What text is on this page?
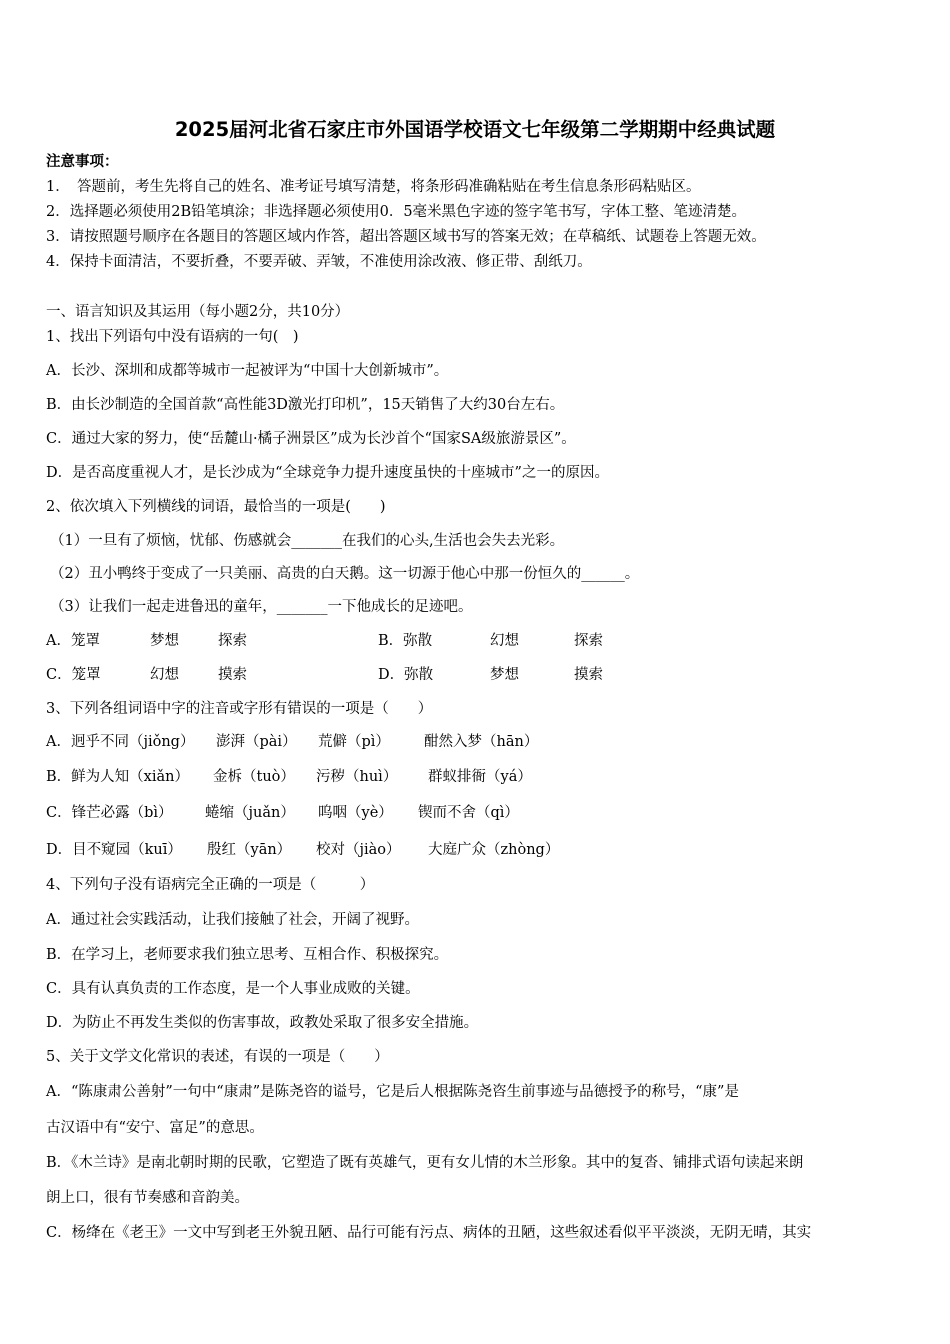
2025届河北省石家庄市外国语学校语文七年级第二学期期中经典试题
注意事项：
1．　答题前，考生先将自己的姓名、准考证号填写清楚，将条形码准确粘贴在考生信息条形码粘贴区。
2．选择题必须使用2B铅笔填涂；非选择题必须使用0．5毫米黑色字迹的签字笔书写，字体工整、笔迹清楚。
3．请按照题号顺序在各题目的答题区域内作答，超出答题区域书写的答案无效；在草稿纸、试题卷上答题无效。
4．保持卡面清洁，不要折叠，不要弄破、弄皱，不准使用涂改液、修正带、刮纸刀。
一、语言知识及其运用（每小题2分，共10分）
1、找出下列语句中没有语病的一句(　)
A．长沙、深圳和成都等城市一起被评为“中国十大创新城市”。
B．由长沙制造的全国首款“高性能3D激光打印机”，15天销售了大约30台左右。
C．通过大家的努力，使“岳麓山·橘子洲景区”成为长沙首个“国家SA级旅游景区”。
D．是否高度重视人才，是长沙成为“全球竞争力提升速度虽快的十座城市”之一的原因。
2、依次填入下列横线的词语，最恰当的一项是(　　)
（1）一旦有了烦恼，忧郁、伤感就会_______在我们的心头,生活也会失去光彩。
（2）丑小鸭终于变成了一只美丽、高贵的白天鹅。这一切源于他心中那一份恒久的______。
（3）让我们一起走进鲁迅的童年，_______一下他成长的足迹吧。
A．笼罩	梦想	探索	B．弥散	幻想	探索
C．笼罩	幻想	摸索	D．弥散	梦想	摸索
3、下列各组词语中字的注音或字形有错误的一项是（　　）
A．迥乎不同（jiǒng） 澎湃（pài） 荒僻（pì） 酣然入梦（hān）
B．鲜为人知（xiǎn） 金柝（tuò） 污秽（huì） 群蚁排衙（yá）
C．锋芒必露（bì） 蜷缩（juǎn） 呜咽（yè） 锲而不舍（qì）
D．目不窥园（kuī） 殷红（yān） 校对（jiào） 大庭广众（zhòng）
4、下列句子没有语病完全正确的一项是（　　　）
A．通过社会实践活动，让我们接触了社会，开阔了视野。
B．在学习上，老师要求我们独立思考、互相合作、积极探究。
C．具有认真负责的工作态度，是一个人事业成败的关键。
D．为防止不再发生类似的伤害事故，政教处采取了很多安全措施。
5、关于文学文化常识的表述，有误的一项是（　　）
A．“陈康肃公善射”一句中“康肃”是陈尧咨的谥号，它是后人根据陈尧咨生前事迹与品德授予的称号，“康”是
古汉语中有“安宁、富足”的意思。
B．《木兰诗》是南北朝时期的民歌，它塑造了既有英雄气，更有女儿情的木兰形象。其中的复沓、铺排式语句读起来朗
朗上口，很有节奏感和音韵美。
C．杨绛在《老王》一文中写到老王外貌丑陋、品行可能有污点、病体的丑陋，这些叙述看似平平淡淡，无阴无晴，其实
